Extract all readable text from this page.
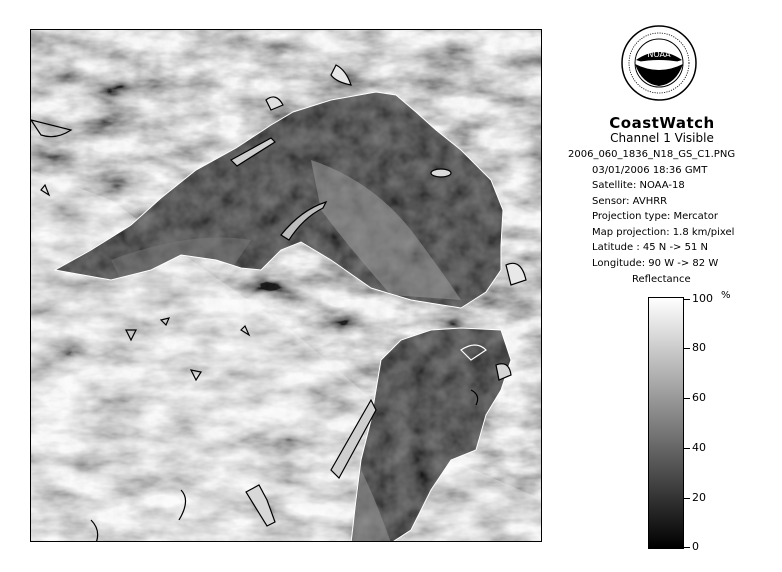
NOAA
CoastWatch
Channel 1 Visible
2006_060_1836_N18_GS_C1.PNG
03/01/2006 18:36 GMT
Satellite: NOAA-18
Sensor: AVHRR
Projection type: Mercator
Map projection: 1.8 km/pixel
Latitude : 45 N -> 51 N
Longitude: 90 W -> 82 W
Reflectance
%
100
80
60
40
20
0
